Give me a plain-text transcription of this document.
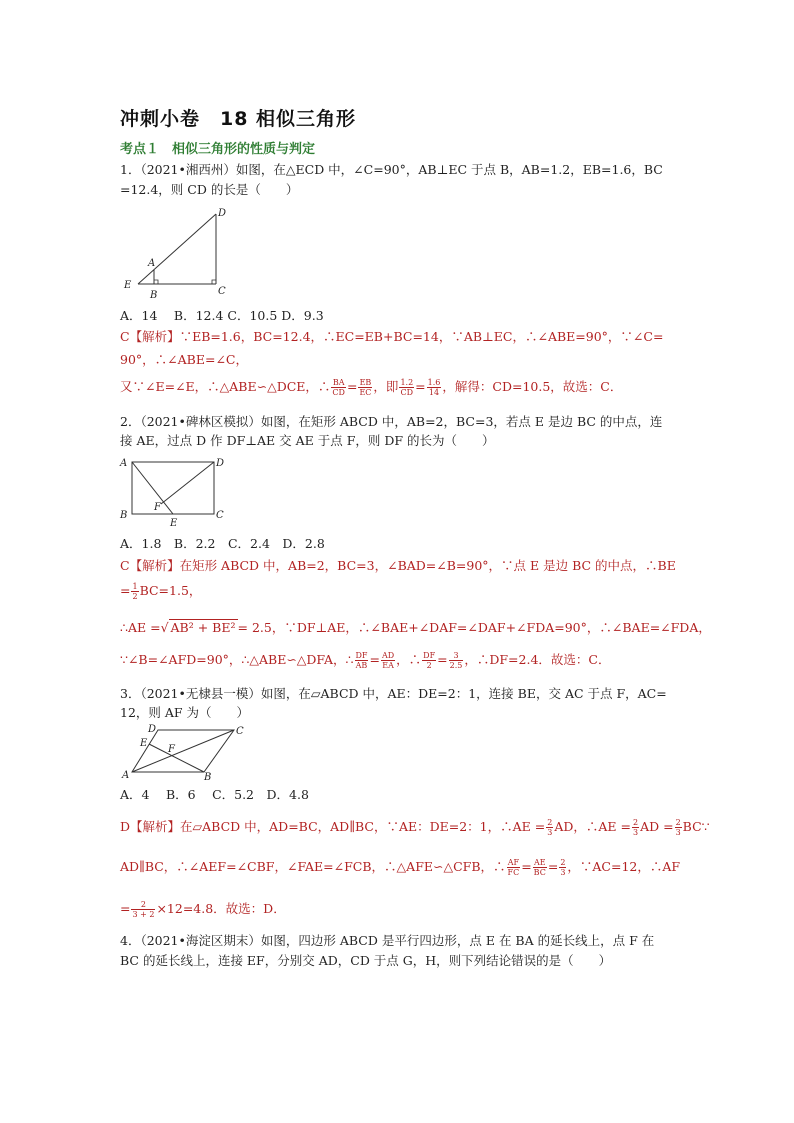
冲刺小卷　18 相似三角形
考点１　相似三角形的性质与判定
1．（2021•湘西州）如图，在△ECD 中，∠C=90°，AB⊥EC 于点 B，AB=1.2，EB=1.6，BC
=12.4，则 CD 的长是（　　）
D
A
E
B	C
A．14　 B．12.4 C．10.5 D．9.3
C【解析】∵EB=1.6，BC=12.4，∴EC=EB+BC=14，∵AB⊥EC，∴∠ABE=90°，∵∠C=
90°，∴∠ABE=∠C，
又∵∠E=∠E，∴△ABE∽△DCE，∴ $\frac{BA}{CD} = \frac{EB}{EC}$ ，即 $\frac{1.2}{CD} = \frac{1.6}{14}$ ，解得：CD=10.5，故选：C．
2．（2021•碑林区模拟）如图，在矩形 ABCD 中，AB=2，BC=3，若点 E 是边 BC 的中点，连
接 AE，过点 D 作 DF⊥AE 交 AE 于点 F，则 DF 的长为（　　）
A	D
F
B
E
C
A．1.8　B．2.2　C．2.4　D．2.8
C【解析】在矩形 ABCD 中，AB=2，BC=3，∠BAD=∠B=90°，∵点 E 是边 BC 的中点，∴BE
= $\frac{1}{2} BC=1.5$，
∴AE =√ AB² + BE² = 2.5，∵DF⊥AE，∴∠BAE+∠DAF=∠DAF+∠FDA=90°，∴∠BAE=∠FDA，
∵∠B=∠AFD=90°，∴△ABE∽△DFA，∴ $\frac{DF}{AB} = \frac{AD}{EA}$ ，∴ $\frac{DF}{2} = \frac{3}{2.5}$ ，∴DF=2.4．故选：C．
3．（2021•无棣县一模）如图，在▱ABCD 中，AE：DE=2：1，连接 BE，交 AC 于点 F，AC=
12，则 AF 为（　　）
D	C
E
F
A	B
A．4　 B．6　 C．5.2　D．4.8
D【解析】在▱ABCD 中，AD=BC，AD∥BC，∵AE：DE=2：1，∴AE = $\frac{2}{3}$ AD，∴AE = $\frac{2}{3}$ AD = $\frac{2}{3}$ BC∵
AD∥BC，∴∠AEF=∠CBF，∠FAE=∠FCB，∴△AFE∽△CFB，∴ $\frac{AF}{FC} = \frac{AE}{BC} = \frac{2}{3}$ ，∵AC=12，∴AF
= $\frac{2}{3 + 2} \times 12=4.8$．故选：D．
4．（2021•海淀区期末）如图，四边形 ABCD 是平行四边形，点 E 在 BA 的延长线上，点 F 在
BC 的延长线上，连接 EF，分别交 AD，CD 于点 G，H，则下列结论错误的是（　　）
